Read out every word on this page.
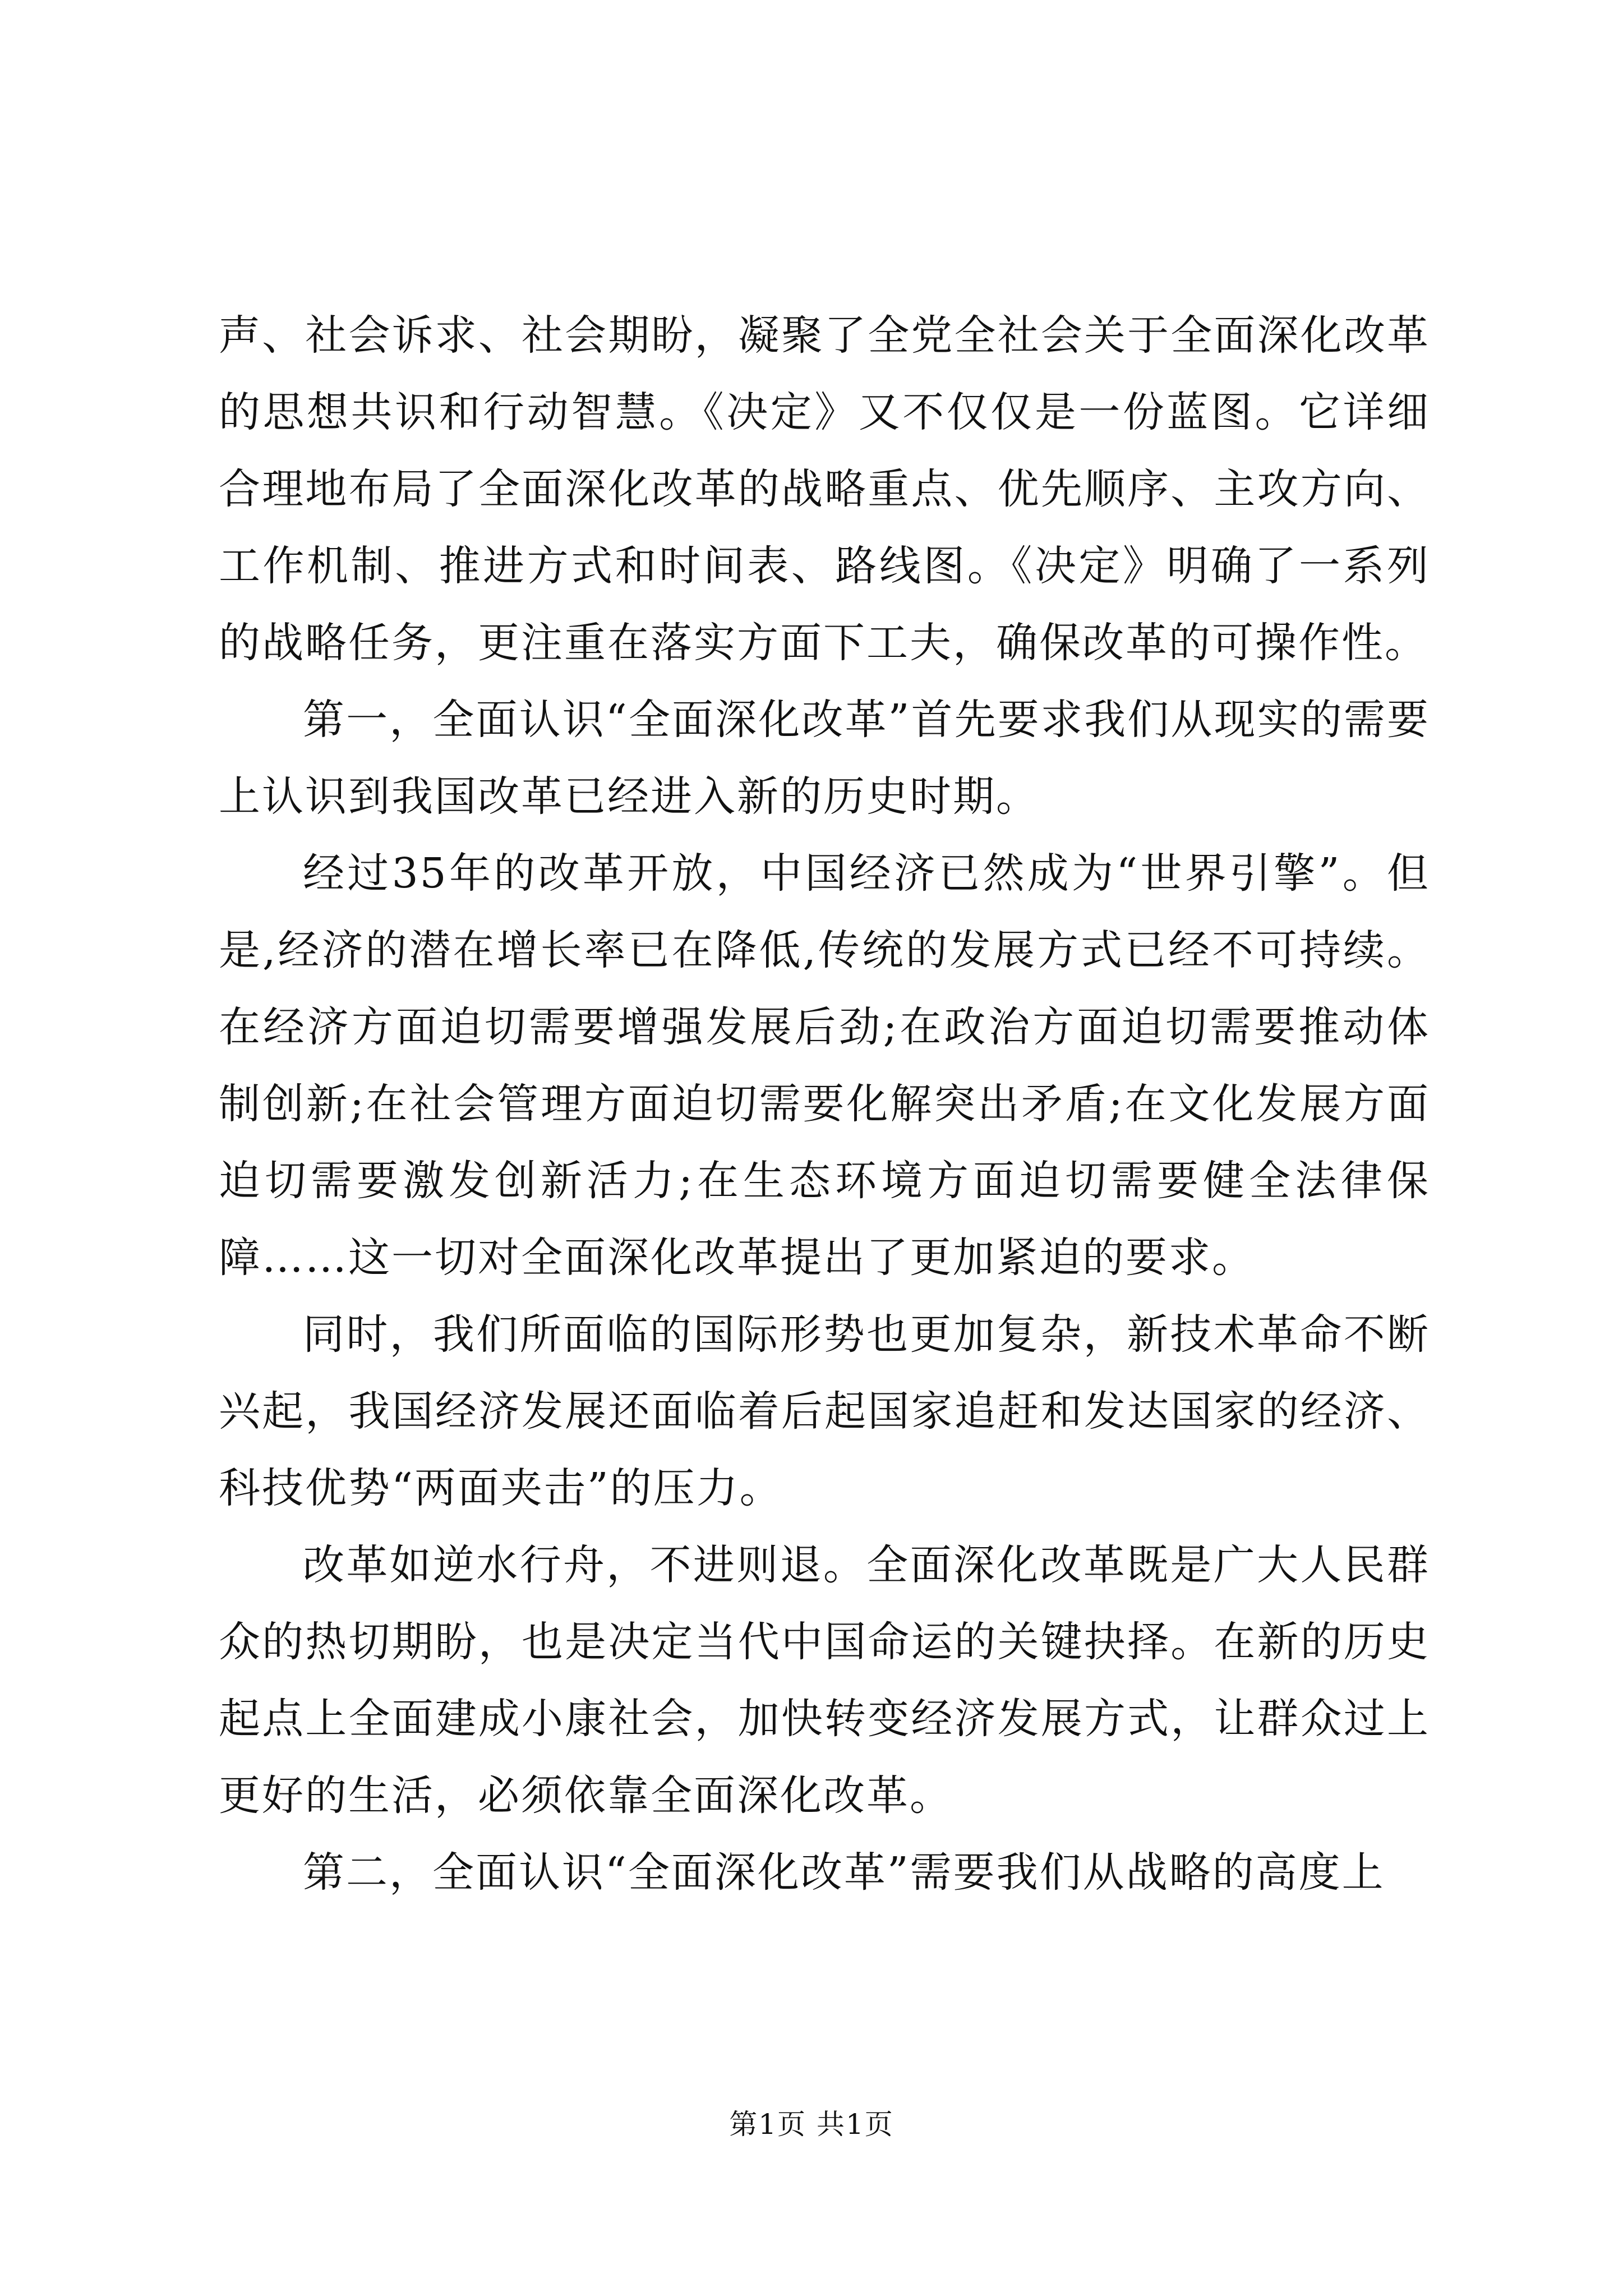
声、社会诉求、社会期盼，凝聚了全党全社会关于全面深化改革的思想共识和行动智慧。《决定》又不仅仅是一份蓝图。它详细合理地布局了全面深化改革的战略重点、优先顺序、主攻方向、工作机制、推进方式和时间表、路线图。《决定》明确了一系列的战略任务，更注重在落实方面下工夫，确保改革的可操作性。

第一，全面认识“全面深化改革”首先要求我们从现实的需要上认识到我国改革已经进入新的历史时期。

经过35年的改革开放，中国经济已然成为“世界引擎”。但是,经济的潜在增长率已在降低,传统的发展方式已经不可持续。在经济方面迫切需要增强发展后劲;在政治方面迫切需要推动体制创新;在社会管理方面迫切需要化解突出矛盾;在文化发展方面迫切需要激发创新活力;在生态环境方面迫切需要健全法律保障……这一切对全面深化改革提出了更加紧迫的要求。

同时，我们所面临的国际形势也更加复杂，新技术革命不断兴起，我国经济发展还面临着后起国家追赶和发达国家的经济、科技优势“两面夹击”的压力。

改革如逆水行舟，不进则退。全面深化改革既是广大人民群众的热切期盼，也是决定当代中国命运的关键抉择。在新的历史起点上全面建成小康社会，加快转变经济发展方式，让群众过上更好的生活，必须依靠全面深化改革。

第二，全面认识“全面深化改革”需要我们从战略的高度上

第1页 共1页
